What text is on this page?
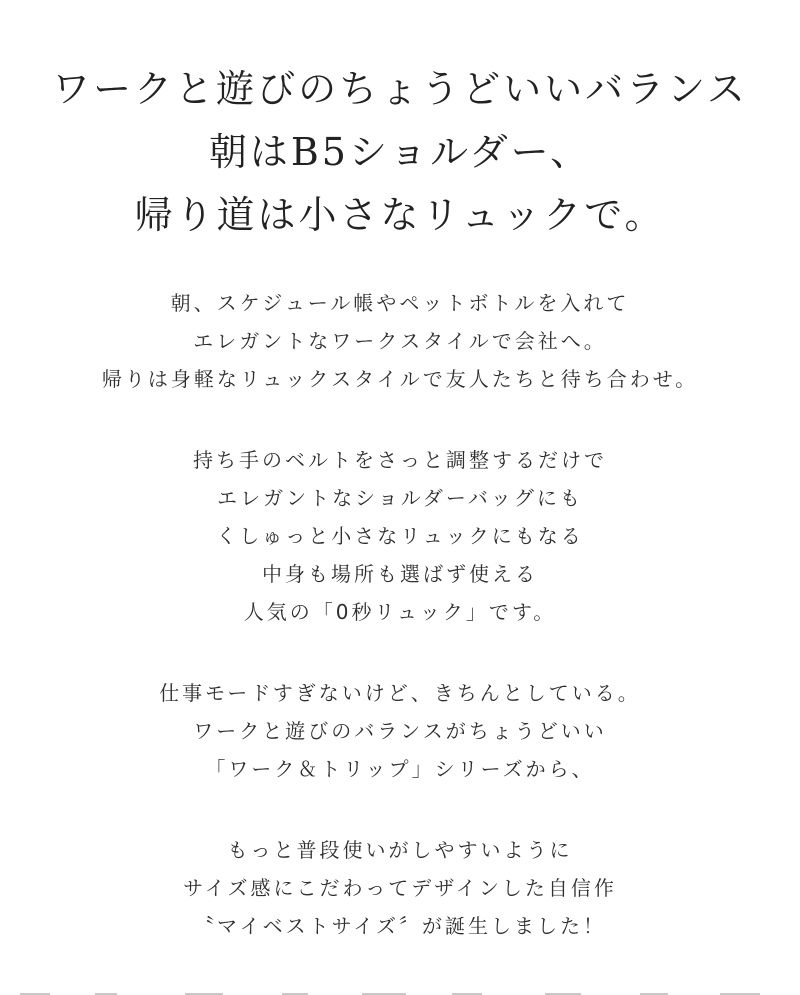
ワークと遊びのちょうどいいバランス
朝はB5ショルダー、
帰り道は小さなリュックで。
朝、スケジュール帳やペットボトルを入れて
エレガントなワークスタイルで会社へ。
帰りは身軽なリュックスタイルで友人たちと待ち合わせ。
持ち手のベルトをさっと調整するだけで
エレガントなショルダーバッグにも
くしゅっと小さなリュックにもなる
中身も場所も選ばず使える
人気の「0秒リュック」です。
仕事モードすぎないけど、きちんとしている。
ワークと遊びのバランスがちょうどいい
「ワーク＆トリップ」シリーズから、
もっと普段使いがしやすいように
サイズ感にこだわってデザインした自信作
〝マイベストサイズ〞が誕生しました！
